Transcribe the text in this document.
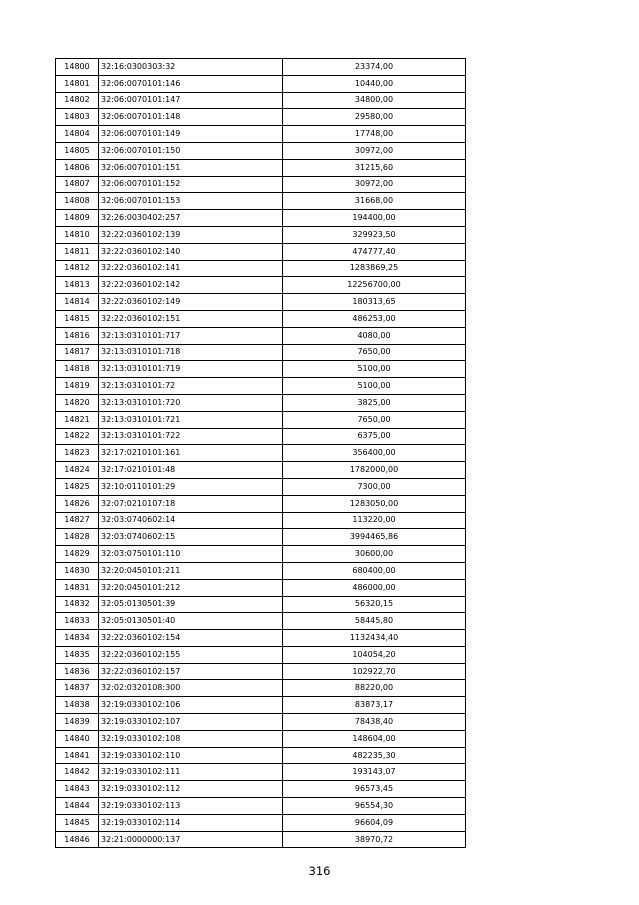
14800	32:16:0300303:32	23374,00
14801	32:06:0070101:146	10440,00
14802	32:06:0070101:147	34800,00
14803	32:06:0070101:148	29580,00
14804	32:06:0070101:149	17748,00
14805	32:06:0070101:150	30972,00
14806	32:06:0070101:151	31215,60
14807	32:06:0070101:152	30972,00
14808	32:06:0070101:153	31668,00
14809	32:26:0030402:257	194400,00
14810	32:22:0360102:139	329923,50
14811	32:22:0360102:140	474777,40
14812	32:22:0360102:141	1283869,25
14813	32:22:0360102:142	12256700,00
14814	32:22:0360102:149	180313,65
14815	32:22:0360102:151	486253,00
14816	32:13:0310101:717	4080,00
14817	32:13:0310101:718	7650,00
14818	32:13:0310101:719	5100,00
14819	32:13:0310101:72	5100,00
14820	32:13:0310101:720	3825,00
14821	32:13:0310101:721	7650,00
14822	32:13:0310101:722	6375,00
14823	32:17:0210101:161	356400,00
14824	32:17:0210101:48	1782000,00
14825	32:10:0110101:29	7300,00
14826	32:07:0210107:18	1283050,00
14827	32:03:0740602:14	113220,00
14828	32:03:0740602:15	3994465,86
14829	32:03:0750101:110	30600,00
14830	32:20:0450101:211	680400,00
14831	32:20:0450101:212	486000,00
14832	32:05:0130501:39	56320,15
14833	32:05:0130501:40	58445,80
14834	32:22:0360102:154	1132434,40
14835	32:22:0360102:155	104054,20
14836	32:22:0360102:157	102922,70
14837	32:02:0320108:300	88220,00
14838	32:19:0330102:106	83873,17
14839	32:19:0330102:107	78438,40
14840	32:19:0330102:108	148604,00
14841	32:19:0330102:110	482235,30
14842	32:19:0330102:111	193143,07
14843	32:19:0330102:112	96573,45
14844	32:19:0330102:113	96554,30
14845	32:19:0330102:114	96604,09
14846	32:21:0000000:137	38970,72
316
